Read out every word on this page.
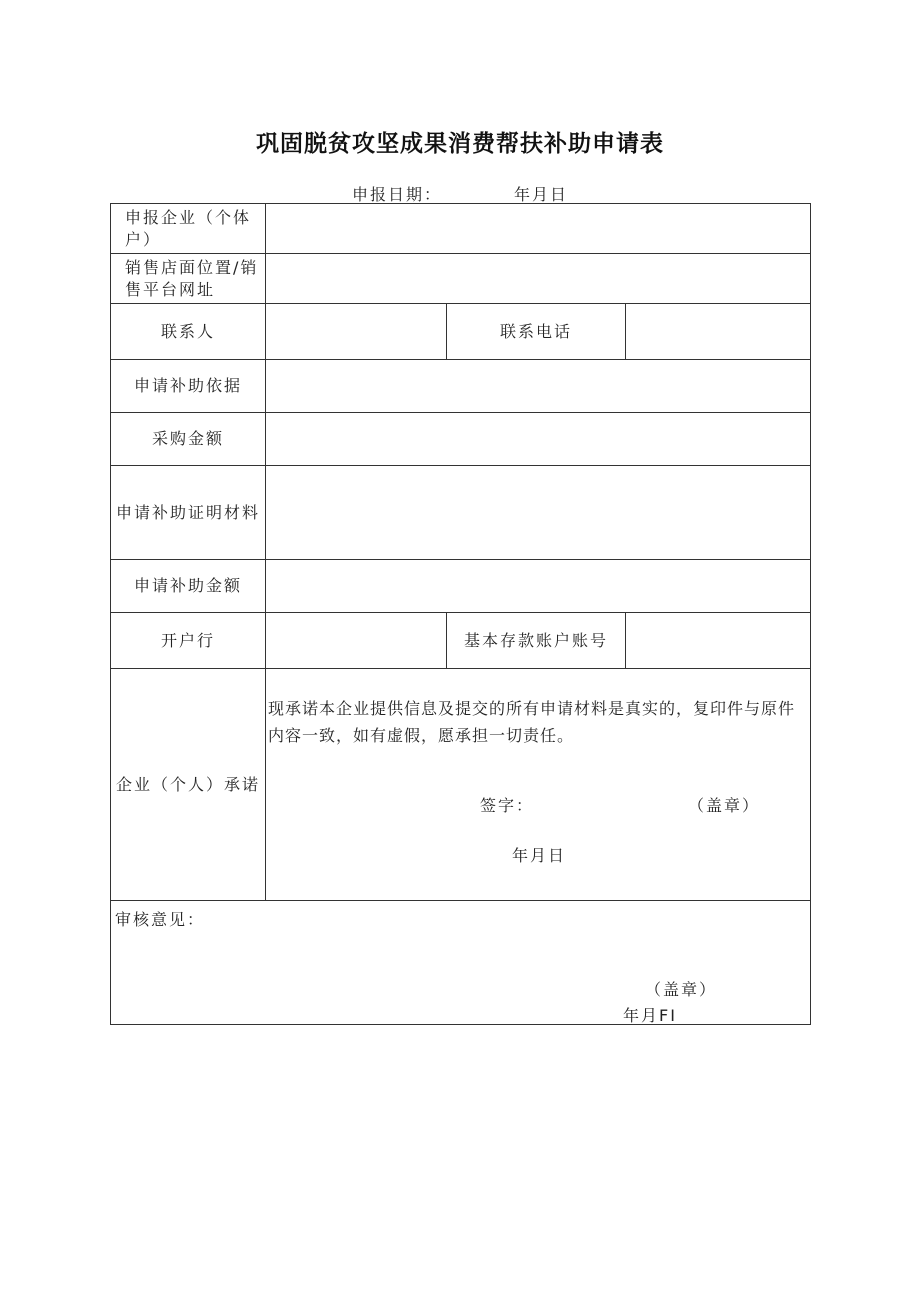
巩固脱贫攻坚成果消费帮扶补助申请表
申报日期：	年月日
申报企业（个体户）			
销售店面位置/销售平台网址			
联系人		联系电话	
申请补助依据			
采购金额			
申请补助证明材料			
申请补助金额			
开户行		基本存款账户账号	
企业（个人）承诺	现承诺本企业提供信息及提交的所有申请材料是真实的，复印件与原件内容一致，如有虚假，愿承担一切责任。
签字： （盖章）
年月日		

审核意见：
（盖章）
年月FI			
